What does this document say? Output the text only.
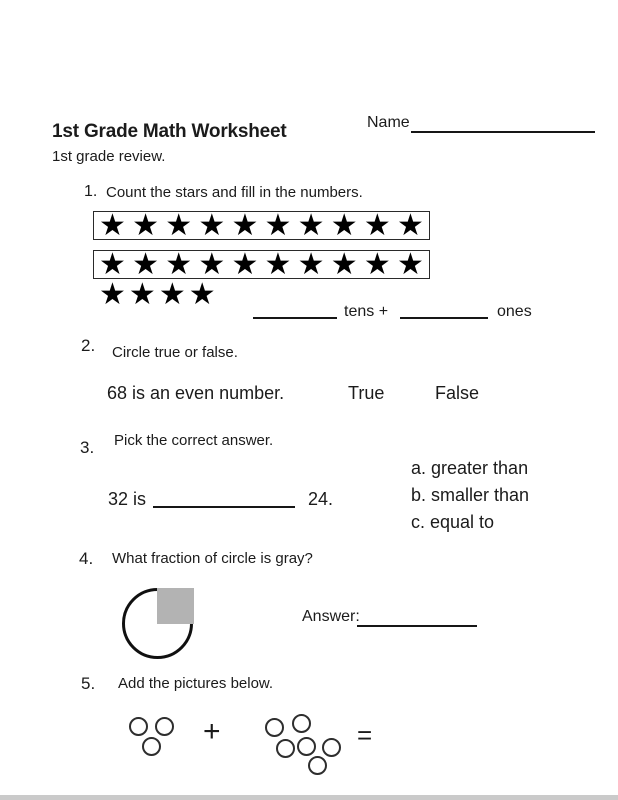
1st Grade Math Worksheet	Name
1st grade review.
1. Count the stars and fill in the numbers.
★ ★ ★ ★ ★ ★ ★ ★ ★ ★
★ ★ ★ ★ ★ ★ ★ ★ ★ ★
★ ★ ★ ★	tens +	ones
2. Circle true or false.
68 is an even number.	True	False
3. Pick the correct answer.
32 is	24.
a. greater than
b. smaller than
c. equal to
4. What fraction of circle is gray?
Answer:
5. Add the pictures below.
+	=
